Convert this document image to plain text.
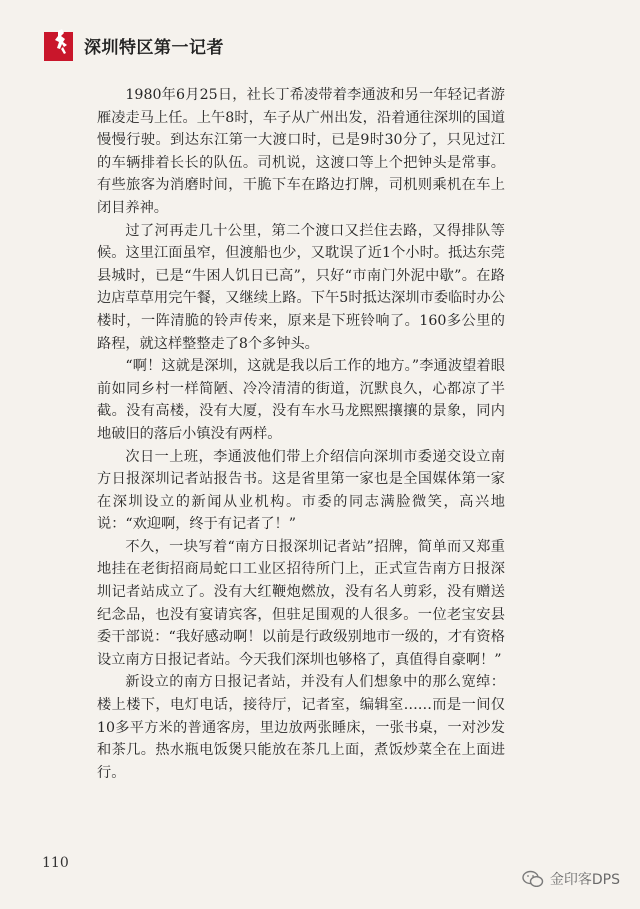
深圳特区第一记者

1980年6月25日，社长丁希凌带着李通波和另一年轻记者游雁凌走马上任。上午8时，车子从广州出发，沿着通往深圳的国道慢慢行驶。到达东江第一大渡口时，已是9时30分了，只见过江的车辆排着长长的队伍。司机说，这渡口等上个把钟头是常事。有些旅客为消磨时间，干脆下车在路边打牌，司机则乘机在车上闭目养神。

过了河再走几十公里，第二个渡口又拦住去路，又得排队等候。这里江面虽窄，但渡船也少，又耽误了近1个小时。抵达东莞县城时，已是“牛困人饥日已高”，只好“市南门外泥中歇”。在路边店草草用完午餐，又继续上路。下午5时抵达深圳市委临时办公楼时，一阵清脆的铃声传来，原来是下班铃响了。160多公里的路程，就这样整整走了8个多钟头。

“啊！这就是深圳，这就是我以后工作的地方。”李通波望着眼前如同乡村一样简陋、冷冷清清的街道，沉默良久，心都凉了半截。没有高楼，没有大厦，没有车水马龙熙熙攘攘的景象，同内地破旧的落后小镇没有两样。

次日一上班，李通波他们带上介绍信向深圳市委递交设立南方日报深圳记者站报告书。这是省里第一家也是全国媒体第一家在深圳设立的新闻从业机构。市委的同志满脸微笑，高兴地说：“欢迎啊，终于有记者了！”

不久，一块写着“南方日报深圳记者站”招牌，简单而又郑重地挂在老街招商局蛇口工业区招待所门上，正式宣告南方日报深圳记者站成立了。没有大红鞭炮燃放，没有名人剪彩，没有赠送纪念品，也没有宴请宾客，但驻足围观的人很多。一位老宝安县委干部说：“我好感动啊！以前是行政级别地市一级的，才有资格设立南方日报记者站。今天我们深圳也够格了，真值得自豪啊！”

新设立的南方日报记者站，并没有人们想象中的那么宽绰：楼上楼下，电灯电话，接待厅，记者室，编辑室……而是一间仅10多平方米的普通客房，里边放两张睡床，一张书桌，一对沙发和茶几。热水瓶电饭煲只能放在茶几上面，煮饭炒菜全在上面进行。

110
金印客DPS
